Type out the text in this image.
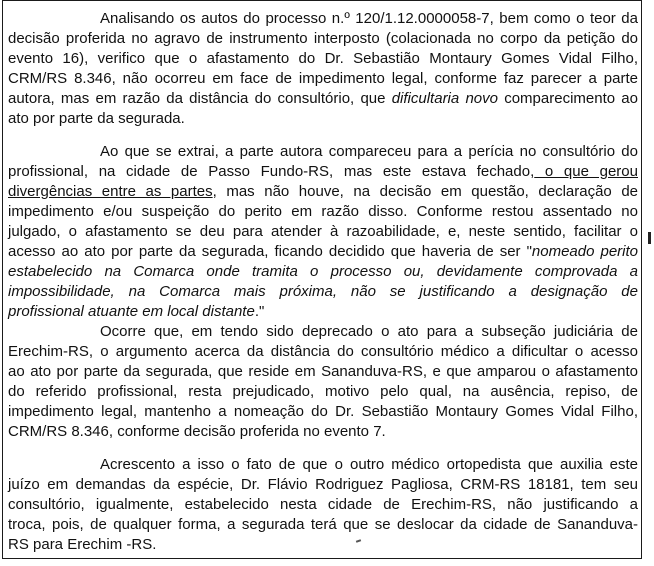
Analisando os autos do processo n.º 120/1.12.0000058-7, bem como o teor da
decisão proferida no agravo de instrumento interposto (colacionada no corpo da petição do
evento 16), verifico que o afastamento do Dr. Sebastião Montaury Gomes Vidal Filho,
CRM/RS 8.346, não ocorreu em face de impedimento legal, conforme faz parecer a parte
autora, mas em razão da distância do consultório, que dificultaria novo comparecimento ao
ato por parte da segurada.
Ao que se extrai, a parte autora compareceu para a perícia no consultório do
profissional, na cidade de Passo Fundo-RS, mas este estava fechado, o que gerou
divergências entre as partes, mas não houve, na decisão em questão, declaração de
impedimento e/ou suspeição do perito em razão disso. Conforme restou assentado no
julgado, o afastamento se deu para atender à razoabilidade, e, neste sentido, facilitar o
acesso ao ato por parte da segurada, ficando decidido que haveria de ser "nomeado perito
estabelecido na Comarca onde tramita o processo ou, devidamente comprovada a
impossibilidade, na Comarca mais próxima, não se justificando a designação de
profissional atuante em local distante."
Ocorre que, em tendo sido deprecado o ato para a subseção judiciária de
Erechim-RS, o argumento acerca da distância do consultório médico a dificultar o acesso
ao ato por parte da segurada, que reside em Sananduva-RS, e que amparou o afastamento
do referido profissional, resta prejudicado, motivo pelo qual, na ausência, repiso, de
impedimento legal, mantenho a nomeação do Dr. Sebastião Montaury Gomes Vidal Filho,
CRM/RS 8.346, conforme decisão proferida no evento 7.
Acrescento a isso o fato de que o outro médico ortopedista que auxilia este
juízo em demandas da espécie, Dr. Flávio Rodriguez Pagliosa, CRM-RS 18181, tem seu
consultório, igualmente, estabelecido nesta cidade de Erechim-RS, não justificando a
troca, pois, de qualquer forma, a segurada terá que se deslocar da cidade de Sananduva-
RS para Erechim -RS.
